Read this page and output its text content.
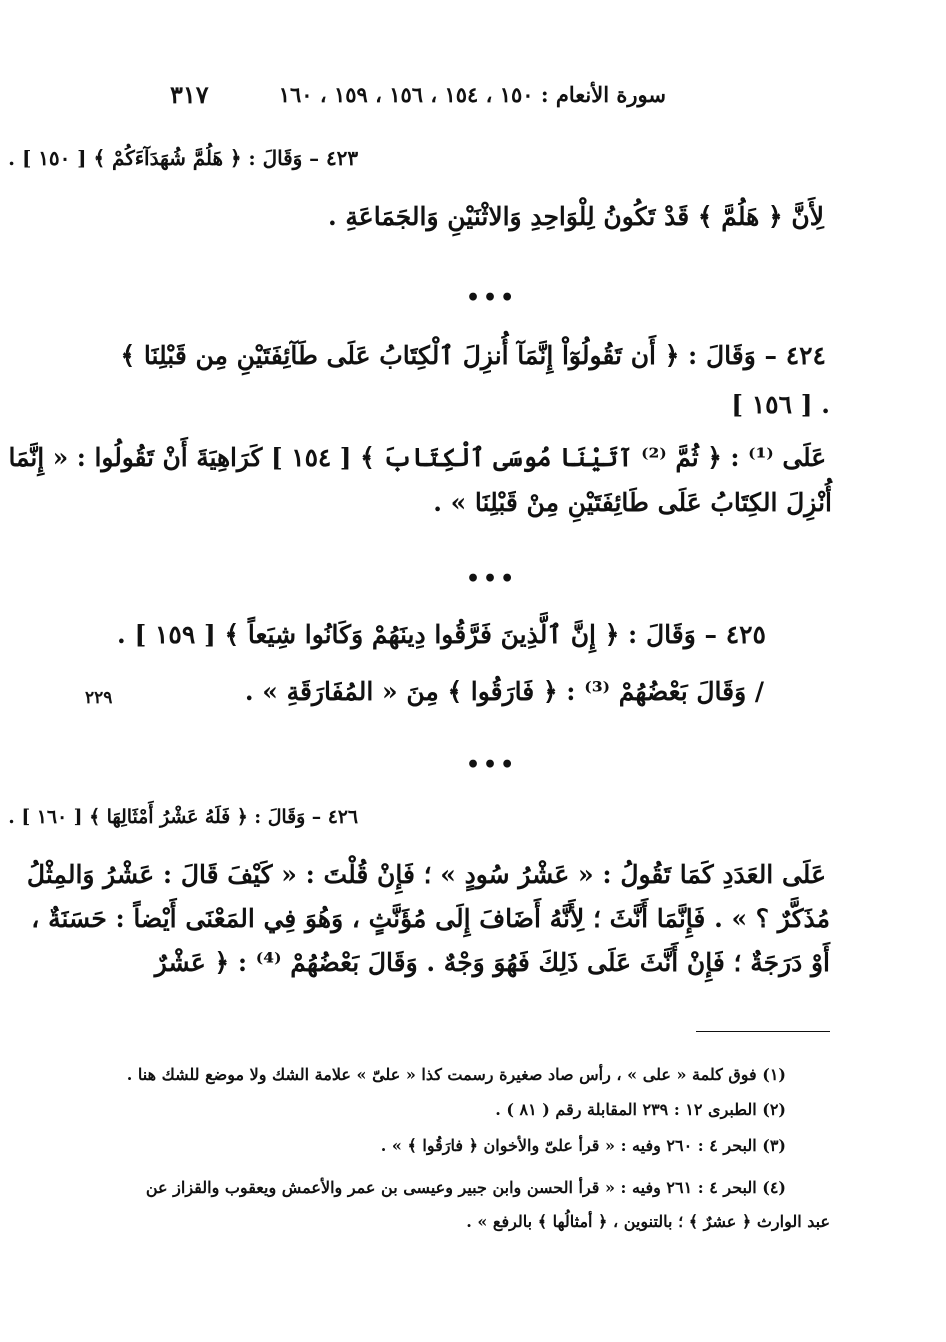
سورة الأنعام : ١٥٠ ، ١٥٤ ، ١٥٦ ، ١٥٩ ، ١٦٠
٣١٧
٤٢٣ – وَقَالَ : ﴿ هَلُمَّ شُهَدَآءَكُمْ ﴾ [ ١٥٠ ] .
لِأَنَّ ﴿ هَلُمَّ ﴾ قَدْ تَكُونُ لِلْوَاحِدِ وَالاثْنَيْنِ وَالجَمَاعَةِ .
•••
٤٢٤ – وَقَالَ : ﴿ أَن تَقُولُوٓاْ إِنَّمَآ أُنزِلَ ٱلْكِتَابُ عَلَى طَآئِفَتَيْنِ مِن قَبْلِنَا ﴾
[ ١٥٦ ] .
عَلَى ⁽¹⁾ : ﴿ ثُمَّ ⁽²⁾ آتَيْنَا مُوسَى ٱلْكِتَابَ ﴾ [ ١٥٤ ] كَرَاهِيَةَ أَنْ تَقُولُوا : « إِنَّمَا
أُنْزِلَ الكِتَابُ عَلَى طَائِفَتَيْنِ مِنْ قَبْلِنَا » .
•••
٤٢٥ – وَقَالَ : ﴿ إِنَّ ٱلَّذِينَ فَرَّقُوا دِينَهُمْ وَكَانُوا شِيَعاً ﴾ [ ١٥٩ ] .
/ وَقَالَ بَعْضُهُمْ ⁽³⁾ : ﴿ فَارَقُوا ﴾ مِنَ « المُفَارَقَةِ » .
٢٢٩
•••
٤٢٦ – وَقَالَ : ﴿ فَلَهُ عَشْرُ أَمْثَالِهَا ﴾ [ ١٦٠ ] .
عَلَى العَدَدِ كَمَا تَقُولُ : « عَشْرُ سُودٍ » ؛ فَإِنْ قُلْتَ : « كَيْفَ قَالَ : عَشْرُ وَالمِثْلُ
مُذَكَّرٌ ؟ » . فَإِنَّمَا أَنَّثَ ؛ لِأَنَّهُ أَضَافَ إِلَى مُؤَنَّثٍ ، وَهُوَ فِي المَعْنَى أَيْضاً : حَسَنَةٌ ،
أَوْ دَرَجَةٌ ؛ فَإِنْ أَنَّثَ عَلَى ذَلِكَ فَهُوَ وَجْهٌ . وَقَالَ بَعْضُهُمْ ⁽⁴⁾ : ﴿ عَشْرٌ
(١) فوق كلمة « على » ، رأس صاد صغيرة رسمت كذا « علىّ » علامة الشك ولا موضع للشك هنا .
(٢) الطبرى ١٢ : ٢٣٩ المقابلة رقم ( ٨١ ) .
(٣) البحر ٤ : ٢٦٠ وفيه : « قرأ علىّ والأخوان ﴿ فارَقُوا ﴾ » .
(٤) البحر ٤ : ٢٦١ وفيه : « قرأ الحسن وابن جبير وعيسى بن عمر والأعمش ويعقوب والقزاز عن
عبد الوارث ﴿ عشرٌ ﴾ ؛ بالتنوين ، ﴿ أمثالُها ﴾ بالرفع » .
